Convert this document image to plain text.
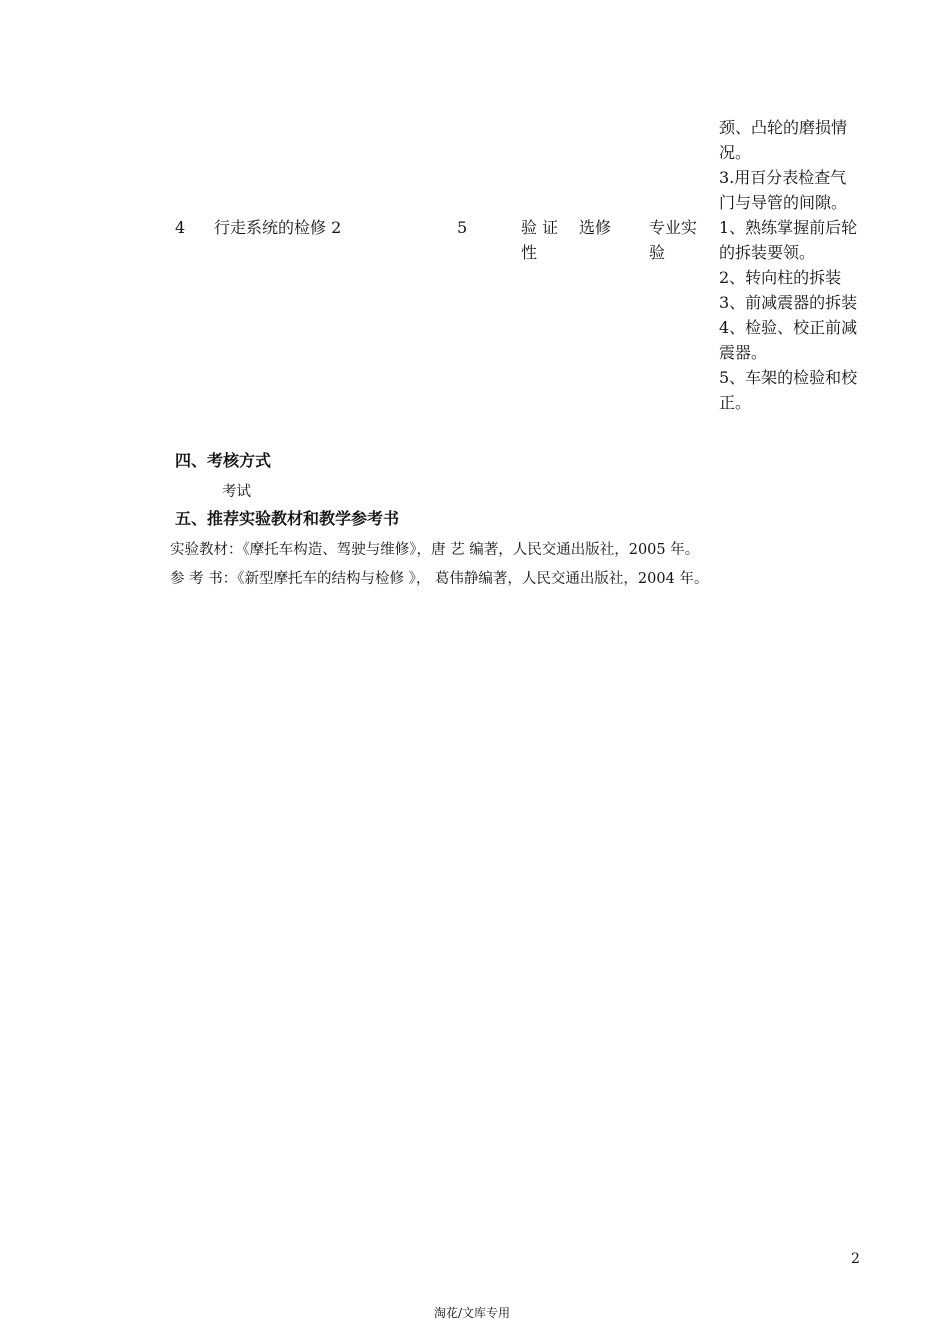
颈、凸轮的磨损情
况。
3.用百分表检查气
门与导管的间隙。
4 行走系统的检修 2	5	验 证
性
选修 专业实
验
1、熟练掌握前后轮
的拆装要领。
2、转向柱的拆装
3、前减震器的拆装
4、检验、校正前减
震器。
5、车架的检验和校
正。
四、考核方式
考试
五、推荐实验教材和教学参考书
实验教材：《摩托车构造、驾驶与维修》，唐 艺 编著，人民交通出版社，2005 年。
参 考 书：《新型摩托车的结构与检修 》， 葛伟静编著，人民交通出版社，2004 年。
2
淘花/文库专用
